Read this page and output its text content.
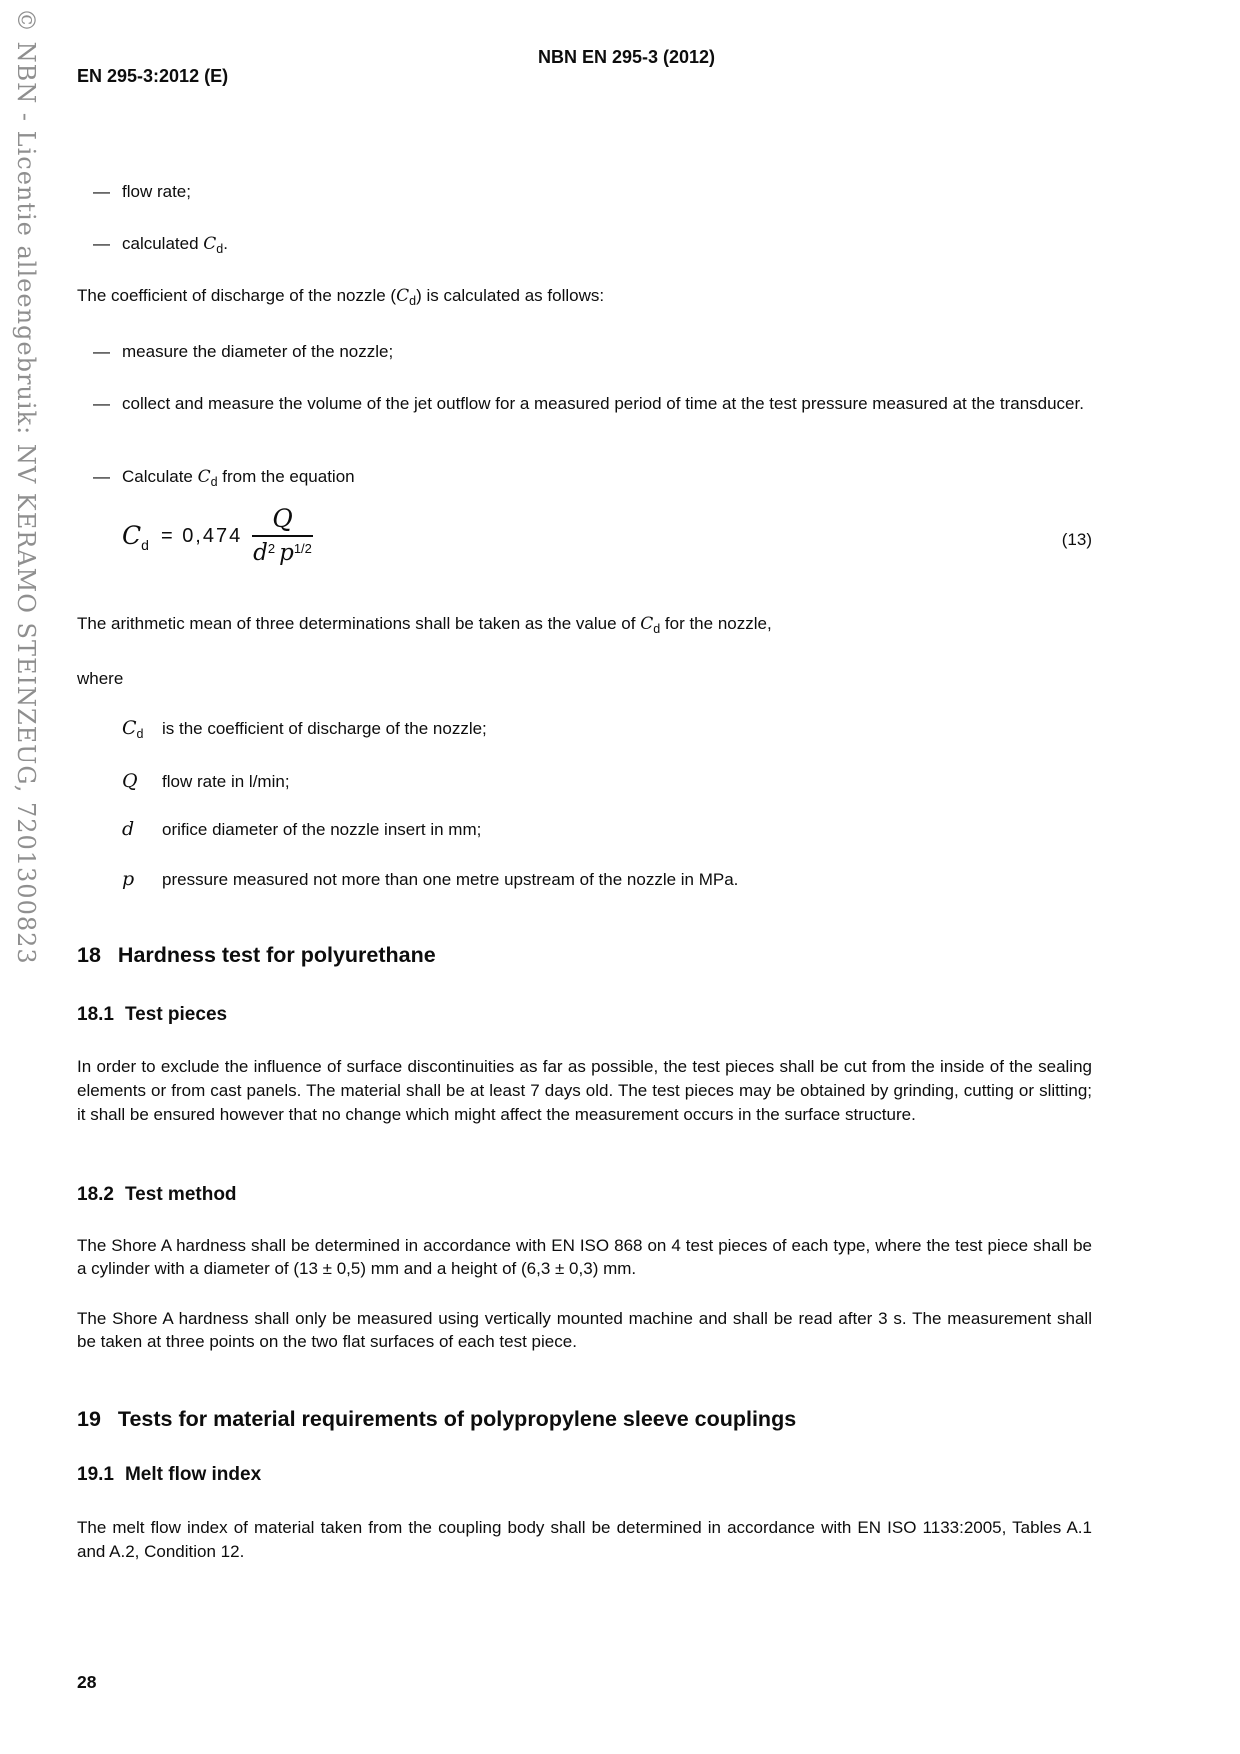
© NBN - Licentie alleengebruik: NV KERAMO STEINZEUG, 7201300823	NBN EN 295-3 (2012)
EN 295-3:2012 (E)
— flow rate;
— calculated $C_d$.
The coefficient of discharge of the nozzle $(C_d)$ is calculated as follows:
— measure the diameter of the nozzle;
— collect and measure the volume of the jet outflow for a measured period of time at the test pressure measured at the transducer.
— Calculate $C_d$ from the equation
$C_d = 0,474 \frac{Q}{d^2 p^{1/2}}$	(13)
The arithmetic mean of three determinations shall be taken as the value of $C_d$ for the nozzle,
where
$C_d$	is the coefficient of discharge of the nozzle;
Q	flow rate in l/min;
d	orifice diameter of the nozzle insert in mm;
p	pressure measured not more than one metre upstream of the nozzle in MPa.
18 Hardness test for polyurethane
18.1 Test pieces
In order to exclude the influence of surface discontinuities as far as possible, the test pieces shall be cut from the inside of the sealing elements or from cast panels. The material shall be at least 7 days old. The test pieces may be obtained by grinding, cutting or slitting; it shall be ensured however that no change which might affect the measurement occurs in the surface structure.
18.2 Test method
The Shore A hardness shall be determined in accordance with EN ISO 868 on 4 test pieces of each type, where the test piece shall be a cylinder with a diameter of (13 ± 0,5) mm and a height of (6,3 ± 0,3) mm.
The Shore A hardness shall only be measured using vertically mounted machine and shall be read after 3 s. The measurement shall be taken at three points on the two flat surfaces of each test piece.
19 Tests for material requirements of polypropylene sleeve couplings
19.1 Melt flow index
The melt flow index of material taken from the coupling body shall be determined in accordance with EN ISO 1133:2005, Tables A.1 and A.2, Condition 12.
28
